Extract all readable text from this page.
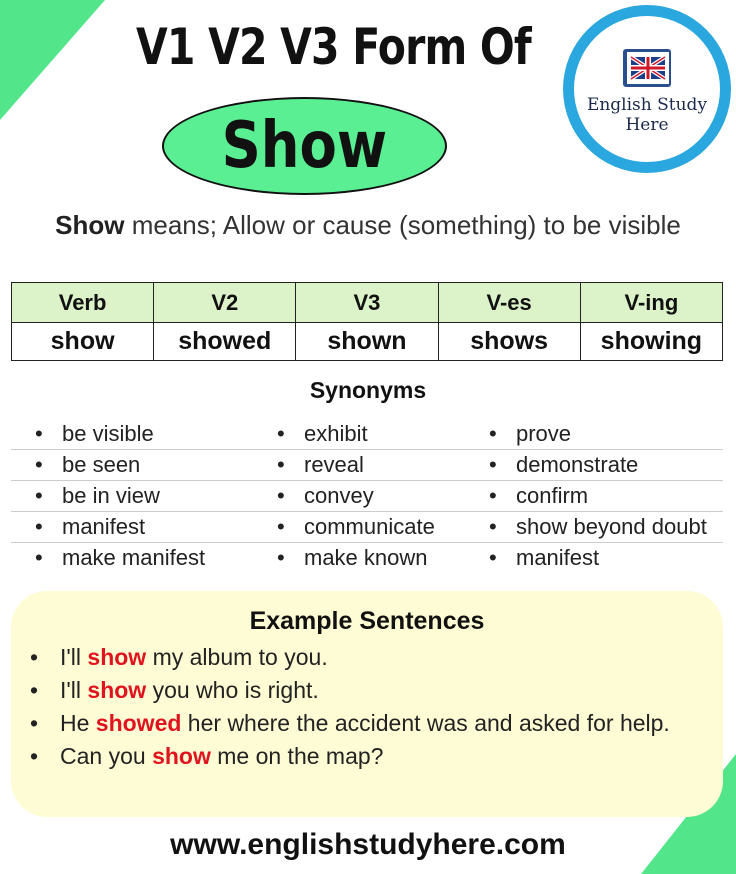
V1 V2 V3 Form Of
Show
English Study
Here
Show means; Allow or cause (something) to be visible
Verb	V2	V3	V-es	V-ing
show	showed	shown	shows	showing
Synonyms
• be visible	• exhibit	• prove
• be seen	• reveal	• demonstrate
• be in view	• convey	• confirm
• manifest	• communicate	• show beyond doubt
• make manifest	• make known	• manifest
Example Sentences
• I'll show my album to you.
• I'll show you who is right.
• He showed her where the accident was and asked for help.
• Can you show me on the map?
www.englishstudyhere.com
